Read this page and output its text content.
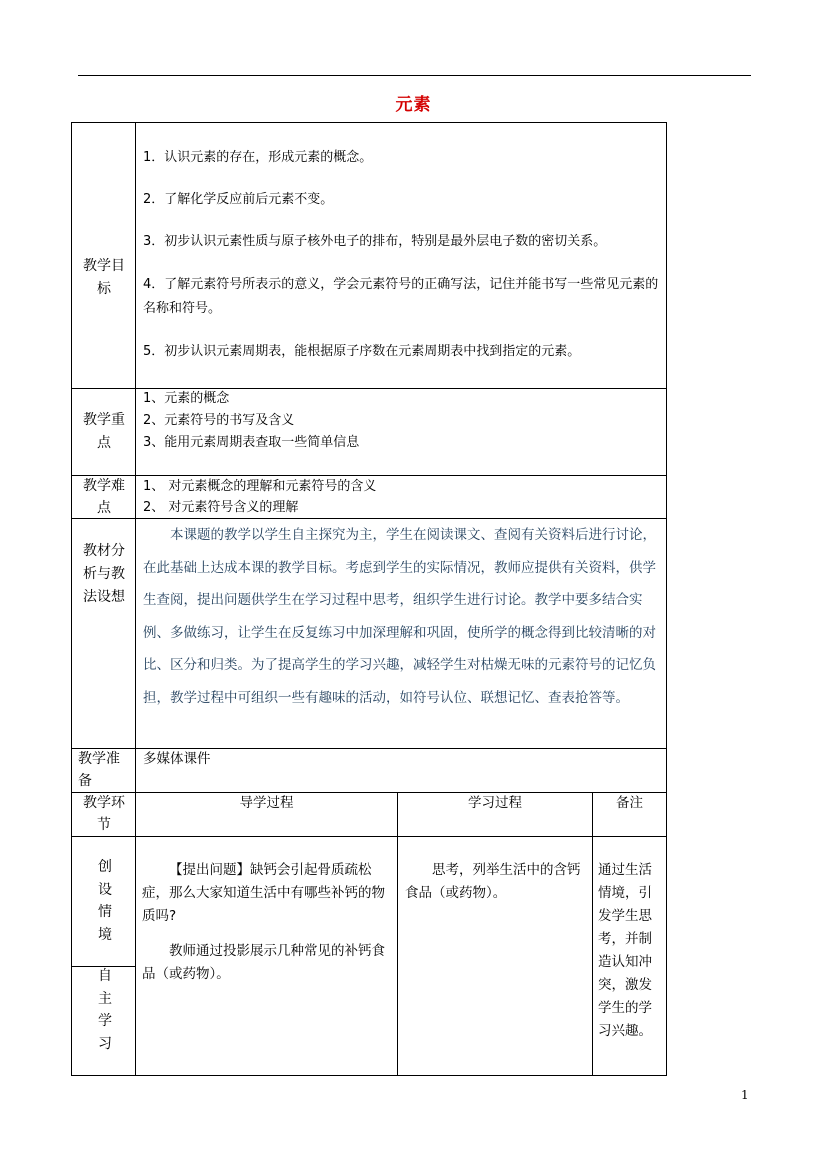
元素
教学目标

1．认识元素的存在，形成元素的概念。

2．了解化学反应前后元素不变。

3．初步认识元素性质与原子核外电子的排布，特别是最外层电子数的密切关系。

4．了解元素符号所表示的意义，学会元素符号的正确写法，记住并能书写一些常见元素的名称和符号。

5．初步认识元素周期表，能根据原子序数在元素周期表中找到指定的元素。

教学重点
1、元素的概念
2、元素符号的书写及含义
3、能用元素周期表查取一些简单信息
教学难点
1、 对元素概念的理解和元素符号的含义
2、 对元素符号含义的理解
教材分析与教法设想
本课题的教学以学生自主探究为主，学生在阅读课文、查阅有关资料后进行讨论，在此基础上达成本课的教学目标。考虑到学生的实际情况，教师应提供有关资料，供学生查阅，提出问题供学生在学习过程中思考，组织学生进行讨论。教学中要多结合实例、多做练习，让学生在反复练习中加深理解和巩固，使所学的概念得到比较清晰的对比、区分和归类。为了提高学生的学习兴趣，减轻学生对枯燥无味的元素符号的记忆负担，教学过程中可组织一些有趣味的活动，如符号认位、联想记忆、查表抢答等。
教学准备
多媒体课件
教学环节
导学过程	学习过程	备注
创设情境
自主学习

【提出问题】缺钙会引起骨质疏松症，那么大家知道生活中有哪些补钙的物质吗?

教师通过投影展示几种常见的补钙食品（或药物）。

思考，列举生活中的含钙食品（或药物）。

通过生活情境，引发学生思考，并制造认知冲突，激发学生的学习兴趣。
1
